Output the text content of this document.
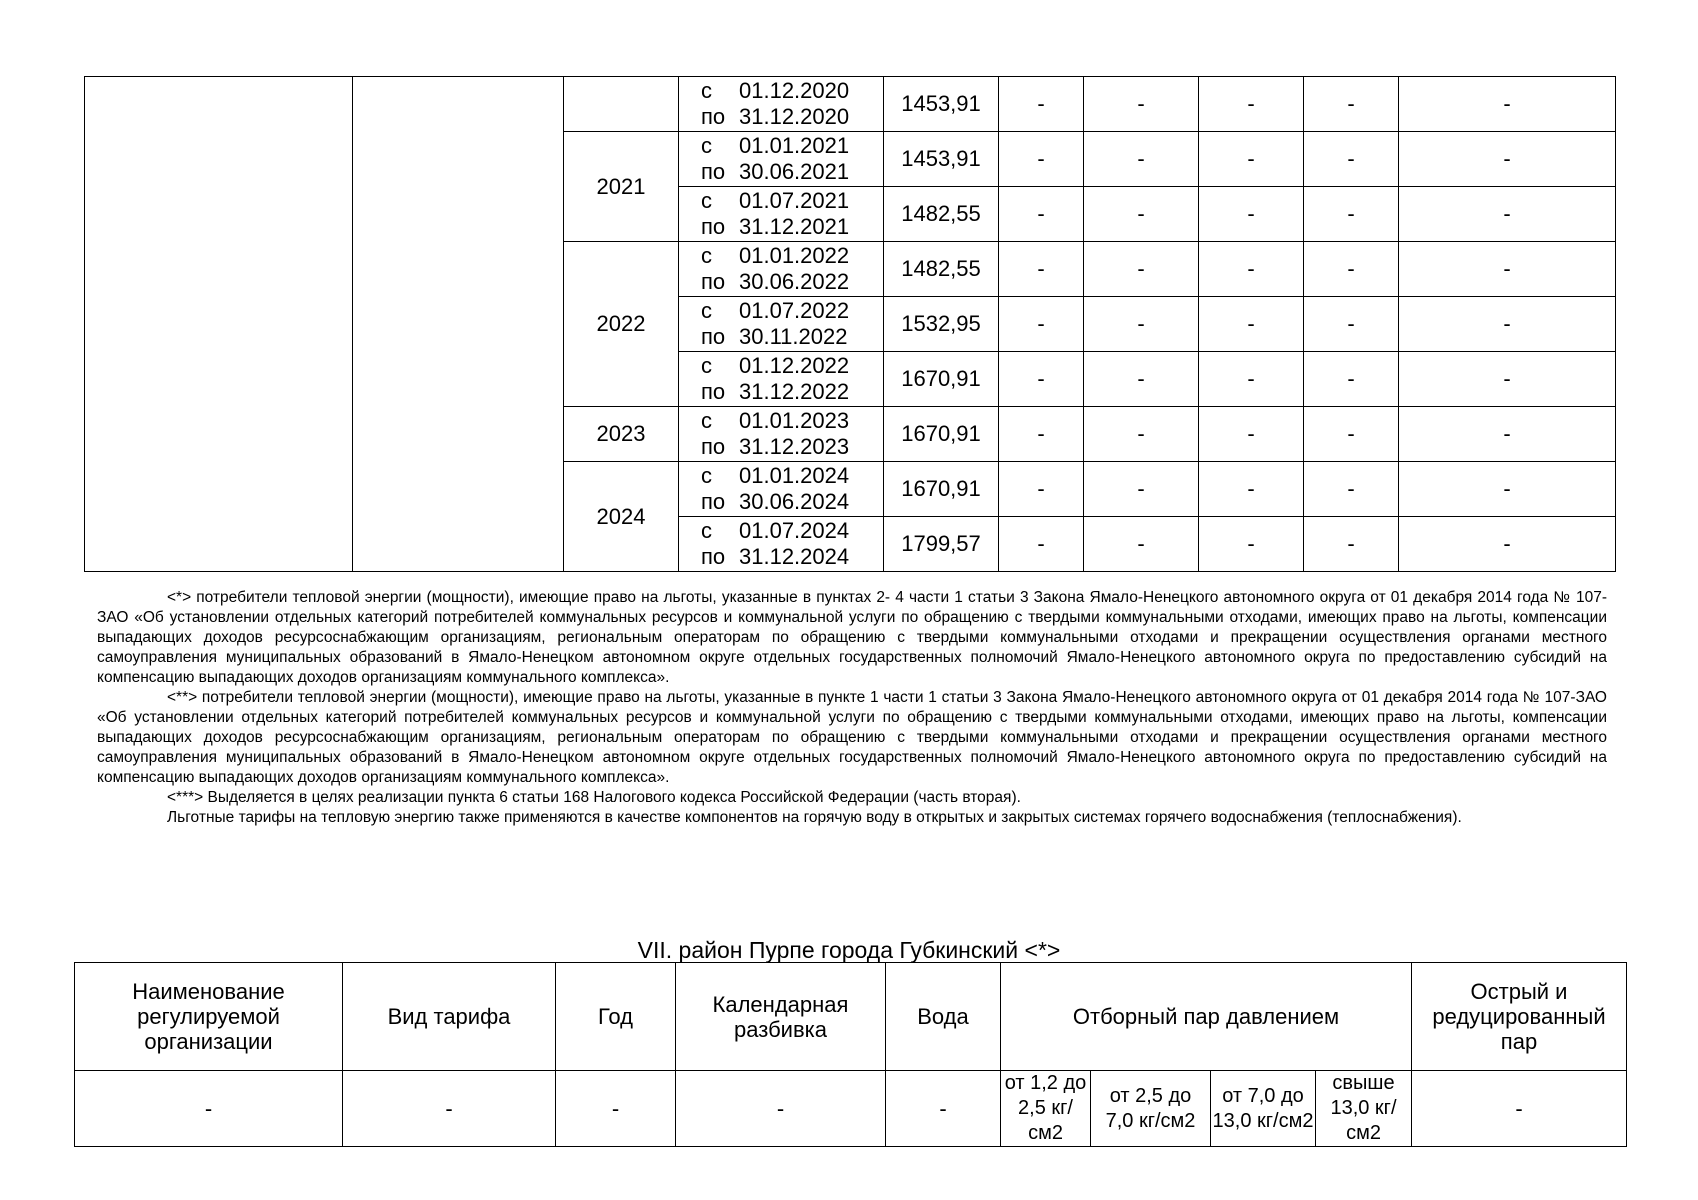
			с 01.12.2020
по 31.12.2020	1453,91	-	-	-	-	-
		2021	с 01.01.2021
по 30.06.2021	1453,91	-	-	-	-	-

			с 01.07.2021
по 31.12.2021	1482,55	-	-	-	-	-
		2022	с 01.01.2022
по 30.06.2022	1482,55	-	-	-	-	-

			с 01.07.2022
по 30.11.2022	1532,95	-	-	-	-	-

			с 01.12.2022
по 31.12.2022	1670,91	-	-	-	-	-
		2023	с 01.01.2023
по 31.12.2023	1670,91	-	-	-	-	-
		2024	с 01.01.2024
по 30.06.2024	1670,91	-	-	-	-	-

			с 01.07.2024
по 31.12.2024	1799,57	-	-	-	-	-

<*> потребители тепловой энергии (мощности), имеющие право на льготы, указанные в пунктах 2- 4 части 1 статьи 3 Закона Ямало-Ненецкого автономного округа от 01 декабря 2014 года № 107-ЗАО «Об установлении отдельных категорий потребителей коммунальных ресурсов и коммунальной услуги по обращению с твердыми коммунальными отходами, имеющих право на льготы, компенсации выпадающих доходов ресурсоснабжающим организациям, региональным операторам по обращению с твердыми коммунальными отходами и прекращении осуществления органами местного самоуправления муниципальных образований в Ямало-Ненецком автономном округе отдельных государственных полномочий Ямало-Ненецкого автономного округа по предоставлению субсидий на компенсацию выпадающих доходов организациям коммунального комплекса».

<**> потребители тепловой энергии (мощности), имеющие право на льготы, указанные в пункте 1 части 1 статьи 3 Закона Ямало-Ненецкого автономного округа от 01 декабря 2014 года № 107-ЗАО «Об установлении отдельных категорий потребителей коммунальных ресурсов и коммунальной услуги по обращению с твердыми коммунальными отходами, имеющих право на льготы, компенсации выпадающих доходов ресурсоснабжающим организациям, региональным операторам по обращению с твердыми коммунальными отходами и прекращении осуществления органами местного самоуправления муниципальных образований в Ямало-Ненецком автономном округе отдельных государственных полномочий Ямало-Ненецкого автономного округа по предоставлению субсидий на компенсацию выпадающих доходов организациям коммунального комплекса».

<***> Выделяется в целях реализации пункта 6 статьи 168 Налогового кодекса Российской Федерации (часть вторая).

Льготные тарифы на тепловую энергию также применяются в качестве компонентов на горячую воду в открытых и закрытых системах горячего водоснабжения (теплоснабжения).

VII. район Пурпе города Губкинский <*>
Наименование регулируемой организации	Вид тарифа	Год	Календарная разбивка	Вода	Отборный пар давлением				Острый и редуцированный пар
-	-	-	-	-	от 1,2 до 2,5 кг/см2	от 2,5 до 7,0 кг/см2	от 7,0 до 13,0 кг/см2	свыше 13,0 кг/см2	-
